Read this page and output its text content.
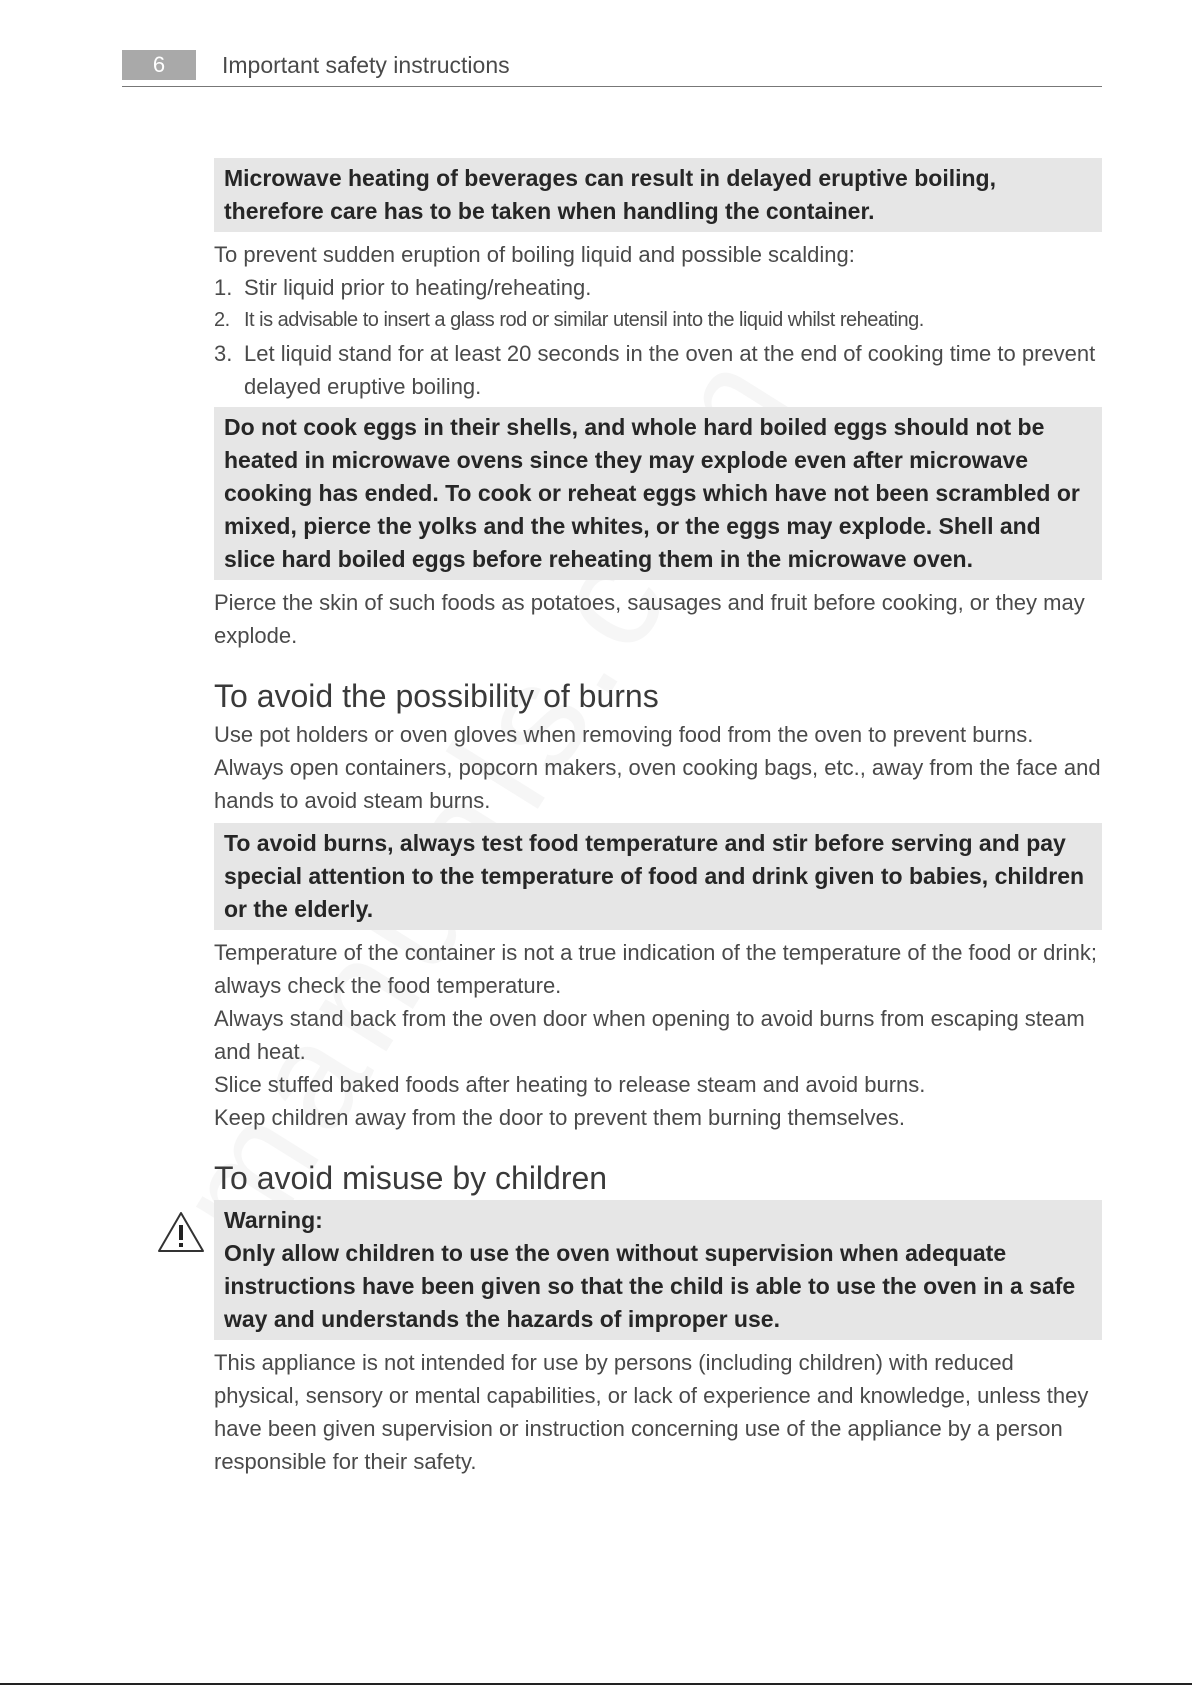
6	Important safety instructions
Microwave heating of beverages can result in delayed eruptive boiling, therefore care has to be taken when handling the container.

To prevent sudden eruption of boiling liquid and possible scalding:

1. Stir liquid prior to heating/reheating.
2. It is advisable to insert a glass rod or similar utensil into the liquid whilst reheating.
3. Let liquid stand for at least 20 seconds in the oven at the end of cooking time to prevent delayed eruptive boiling.
Do not cook eggs in their shells, and whole hard boiled eggs should not be heated in microwave ovens since they may explode even after microwave cooking has ended. To cook or reheat eggs which have not been scrambled or mixed, pierce the yolks and the whites, or the eggs may explode. Shell and slice hard boiled eggs before reheating them in the microwave oven.

Pierce the skin of such foods as potatoes, sausages and fruit before cooking, or they may explode.

To avoid the possibility of burns

Use pot holders or oven gloves when removing food from the oven to prevent burns.

Always open containers, popcorn makers, oven cooking bags, etc., away from the face and hands to avoid steam burns.

To avoid burns, always test food temperature and stir before serving and pay special attention to the temperature of food and drink given to babies, children or the elderly.

Temperature of the container is not a true indication of the temperature of the food or drink; always check the food temperature.

Always stand back from the oven door when opening to avoid burns from escaping steam and heat.

Slice stuffed baked foods after heating to release steam and avoid burns.

Keep children away from the door to prevent them burning themselves.

To avoid misuse by children
Warning:
Only allow children to use the oven without supervision when adequate instructions have been given so that the child is able to use the oven in a safe way and understands the hazards of improper use.

This appliance is not intended for use by persons (including children) with reduced physical, sensory or mental capabilities, or lack of experience and knowledge, unless they have been given supervision or instruction concerning use of the appliance by a person responsible for their safety.
